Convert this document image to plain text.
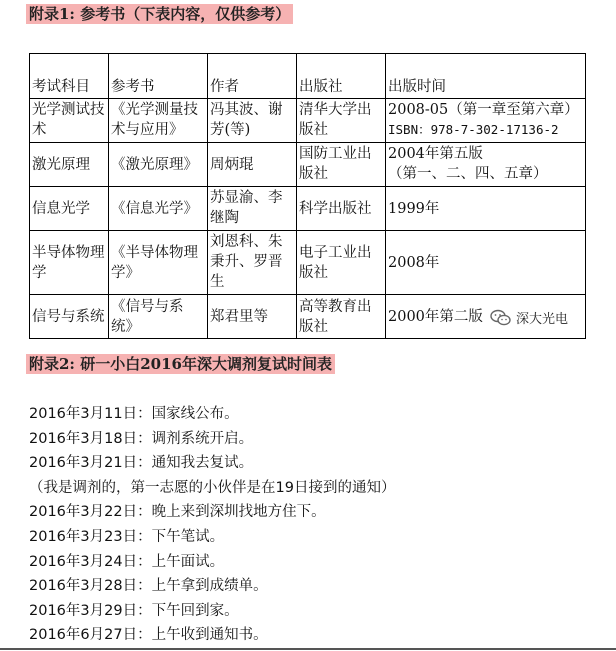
附录1: 参考书（下表内容，仅供参考）
考试科目	参考书	作者	出版社	出版时间
光学测试技术	《光学测量技术与应用》	冯其波、谢芳(等)	清华大学出版社	2008-05（第一章至第六章）
ISBN：978-7-302-17136-2

激光原理	《激光原理》	周炳琨	国防工业出版社	2004年第五版
（第一、二、四、五章）

信息光学	《信息光学》	苏显渝、李继陶	科学出版社	1999年
半导体物理学	《半导体物理学》	刘恩科、朱秉升、罗晋生	电子工业出版社	2008年
信号与系统	《信号与系统》	郑君里等	高等教育出版社	2000年第二版	深大光电
附录2: 研一小白2016年深大调剂复试时间表
2016年3月11日：国家线公布。
2016年3月18日：调剂系统开启。
2016年3月21日：通知我去复试。
（我是调剂的，第一志愿的小伙伴是在19日接到的通知）
2016年3月22日：晚上来到深圳找地方住下。
2016年3月23日：下午笔试。
2016年3月24日：上午面试。
2016年3月28日：上午拿到成绩单。
2016年3月29日：下午回到家。
2016年6月27日：上午收到通知书。
